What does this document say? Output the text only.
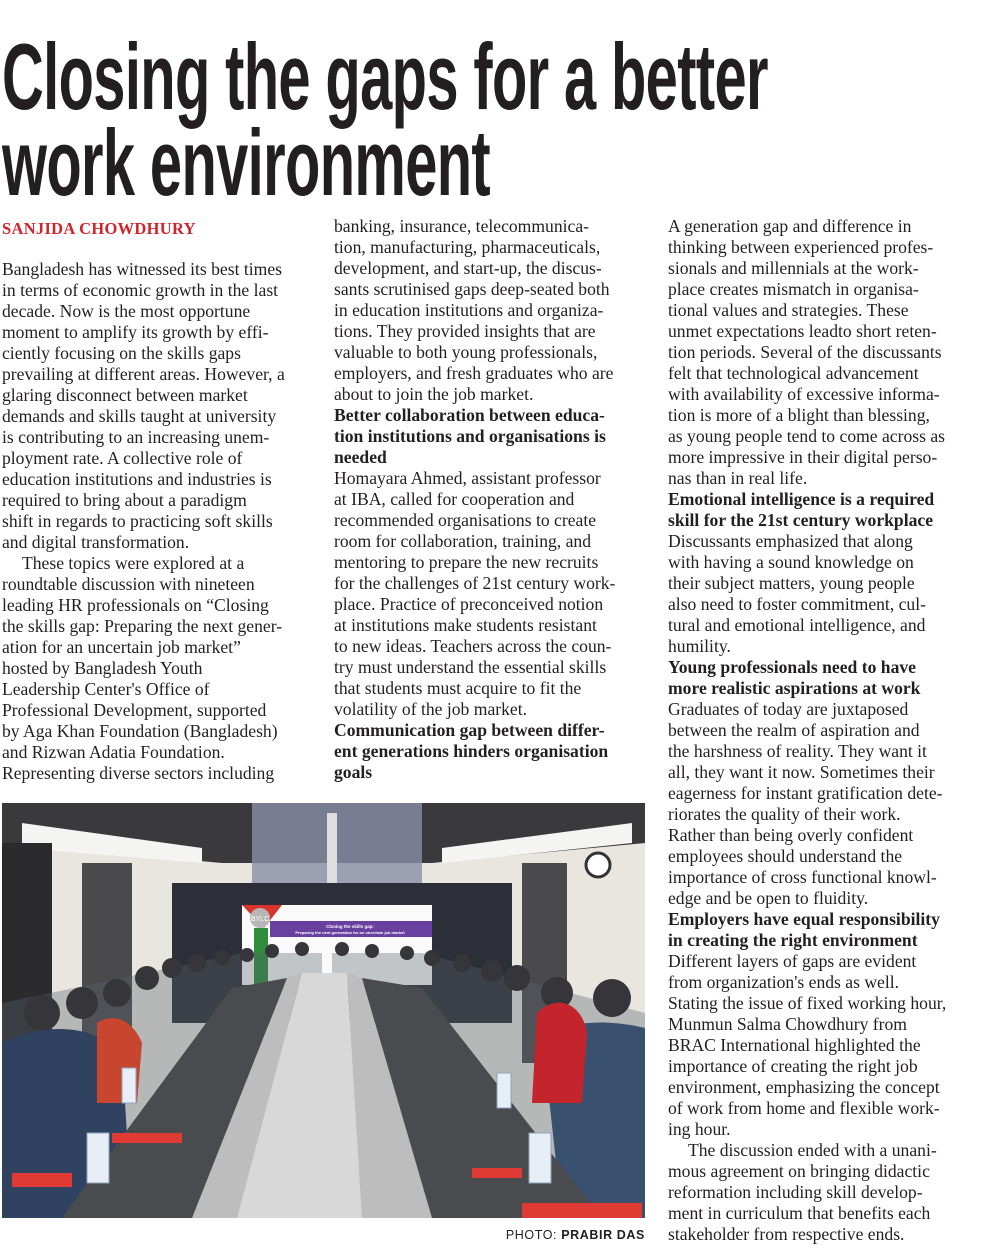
Closing the gaps for a better
work environment
SANJIDA CHOWDHURY
Bangladesh has witnessed its best times
in terms of economic growth in the last
decade. Now is the most opportune
moment to amplify its growth by effi-
ciently focusing on the skills gaps
prevailing at different areas. However, a
glaring disconnect between market
demands and skills taught at university
is contributing to an increasing unem-
ployment rate. A collective role of
education institutions and industries is
required to bring about a paradigm
shift in regards to practicing soft skills
and digital transformation.
These topics were explored at a
roundtable discussion with nineteen
leading HR professionals on “Closing
the skills gap: Preparing the next gener-
ation for an uncertain job market”
hosted by Bangladesh Youth
Leadership Center's Office of
Professional Development, supported
by Aga Khan Foundation (Bangladesh)
and Rizwan Adatia Foundation.
Representing diverse sectors including
banking, insurance, telecommunica-
tion, manufacturing, pharmaceuticals,
development, and start-up, the discus-
sants scrutinised gaps deep-seated both
in education institutions and organiza-
tions. They provided insights that are
valuable to both young professionals,
employers, and fresh graduates who are
about to join the job market.
Better collaboration between educa-
tion institutions and organisations is
needed
Homayara Ahmed, assistant professor
at IBA, called for cooperation and
recommended organisations to create
room for collaboration, training, and
mentoring to prepare the new recruits
for the challenges of 21st century work-
place. Practice of preconceived notion
at institutions make students resistant
to new ideas. Teachers across the coun-
try must understand the essential skills
that students must acquire to fit the
volatility of the job market.
Communication gap between differ-
ent generations hinders organisation
goals
A generation gap and difference in
thinking between experienced profes-
sionals and millennials at the work-
place creates mismatch in organisa-
tional values and strategies. These
unmet expectations leadto short reten-
tion periods. Several of the discussants
felt that technological advancement
with availability of excessive informa-
tion is more of a blight than blessing,
as young people tend to come across as
more impressive in their digital perso-
nas than in real life.
Emotional intelligence is a required
skill for the 21st century workplace
Discussants emphasized that along
with having a sound knowledge on
their subject matters, young people
also need to foster commitment, cul-
tural and emotional intelligence, and
humility.
Young professionals need to have
more realistic aspirations at work
Graduates of today are juxtaposed
between the realm of aspiration and
the harshness of reality. They want it
all, they want it now. Sometimes their
eagerness for instant gratification dete-
riorates the quality of their work.
Rather than being overly confident
employees should understand the
importance of cross functional knowl-
edge and be open to fluidity.
Employers have equal responsibility
in creating the right environment
Different layers of gaps are evident
from organization's ends as well.
Stating the issue of fixed working hour,
Munmun Salma Chowdhury from
BRAC International highlighted the
importance of creating the right job
environment, emphasizing the concept
of work from home and flexible work-
ing hour.
The discussion ended with a unani-
mous agreement on bringing didactic
reformation including skill develop-
ment in curriculum that benefits each
stakeholder from respective ends.
BYLC
Closing the skills gap:
Preparing the next generation for an uncertain job market
PHOTO: PRABIR DAS
